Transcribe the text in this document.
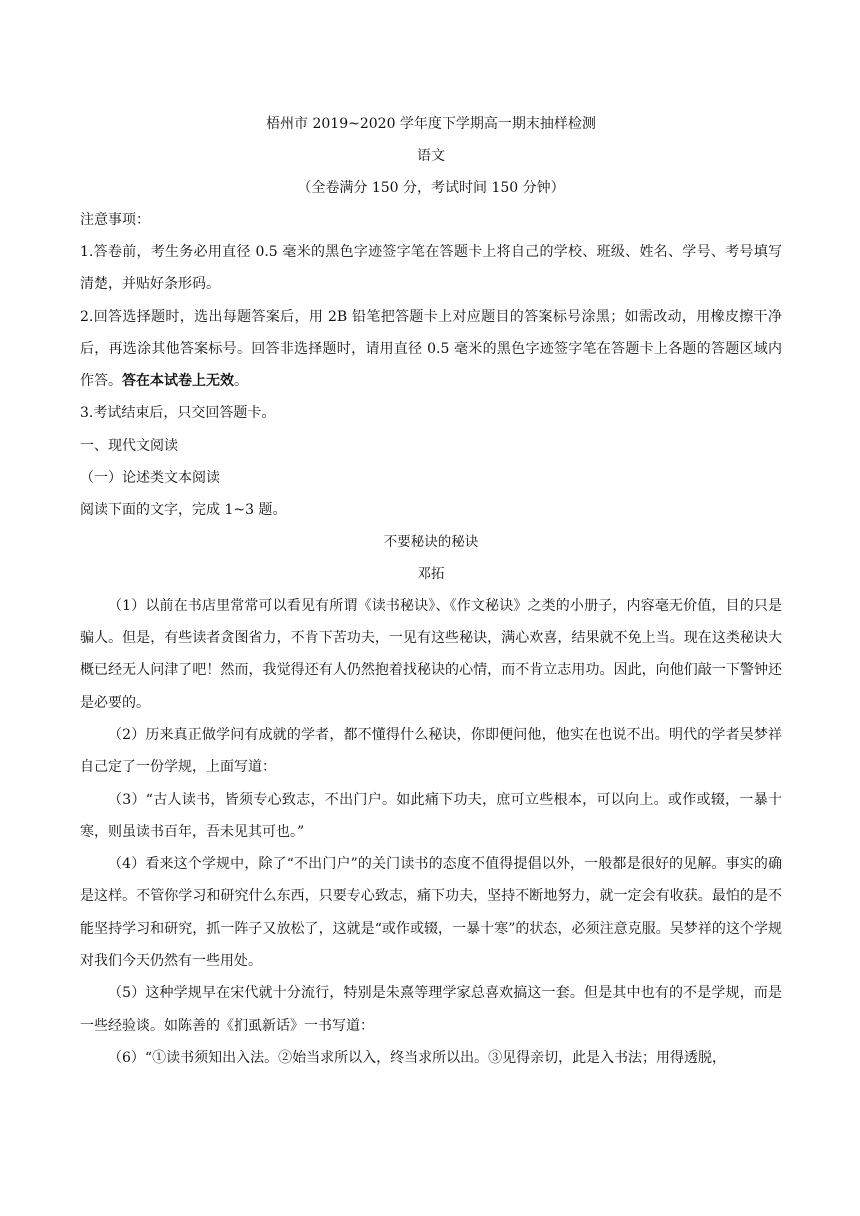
梧州市 2019~2020 学年度下学期高一期末抽样检测

语文

（全卷满分 150 分，考试时间 150 分钟）

注意事项：

1.答卷前，考生务必用直径 0.5 毫米的黑色字迹签字笔在答题卡上将自己的学校、班级、姓名、学号、考号填写清楚，并贴好条形码。

2.回答选择题时，选出每题答案后，用 2B 铅笔把答题卡上对应题目的答案标号涂黑；如需改动，用橡皮擦干净后，再选涂其他答案标号。回答非选择题时，请用直径 0.5 毫米的黑色字迹签字笔在答题卡上各题的答题区域内作答。答在本试卷上无效。

3.考试结束后，只交回答题卡。

一、现代文阅读

（一）论述类文本阅读

阅读下面的文字，完成 1~3 题。

不要秘诀的秘诀

邓拓

（1）以前在书店里常常可以看见有所谓《读书秘诀》、《作文秘诀》之类的小册子，内容毫无价值，目的只是骗人。但是，有些读者贪图省力，不肯下苦功夫，一见有这些秘诀，满心欢喜，结果就不免上当。现在这类秘诀大概已经无人问津了吧！然而，我觉得还有人仍然抱着找秘诀的心情，而不肯立志用功。因此，向他们敲一下警钟还是必要的。

（2）历来真正做学问有成就的学者，都不懂得什么秘诀，你即便问他，他实在也说不出。明代的学者吴梦祥自己定了一份学规，上面写道：

（3）“古人读书，皆须专心致志，不出门户。如此痛下功夫，庶可立些根本，可以向上。或作或辍，一暴十寒，则虽读书百年，吾未见其可也。”

（4）看来这个学规中，除了“不出门户”的关门读书的态度不值得提倡以外，一般都是很好的见解。事实的确是这样。不管你学习和研究什么东西，只要专心致志，痛下功夫，坚持不断地努力，就一定会有收获。最怕的是不能坚持学习和研究，抓一阵子又放松了，这就是“或作或辍，一暴十寒”的状态，必须注意克服。吴梦祥的这个学规对我们今天仍然有一些用处。

（5）这种学规早在宋代就十分流行，特别是朱熹等理学家总喜欢搞这一套。但是其中也有的不是学规，而是一些经验谈。如陈善的《扪虱新话》一书写道：

（6）“①读书须知出入法。②始当求所以入，终当求所以出。③见得亲切，此是入书法；用得透脱，
